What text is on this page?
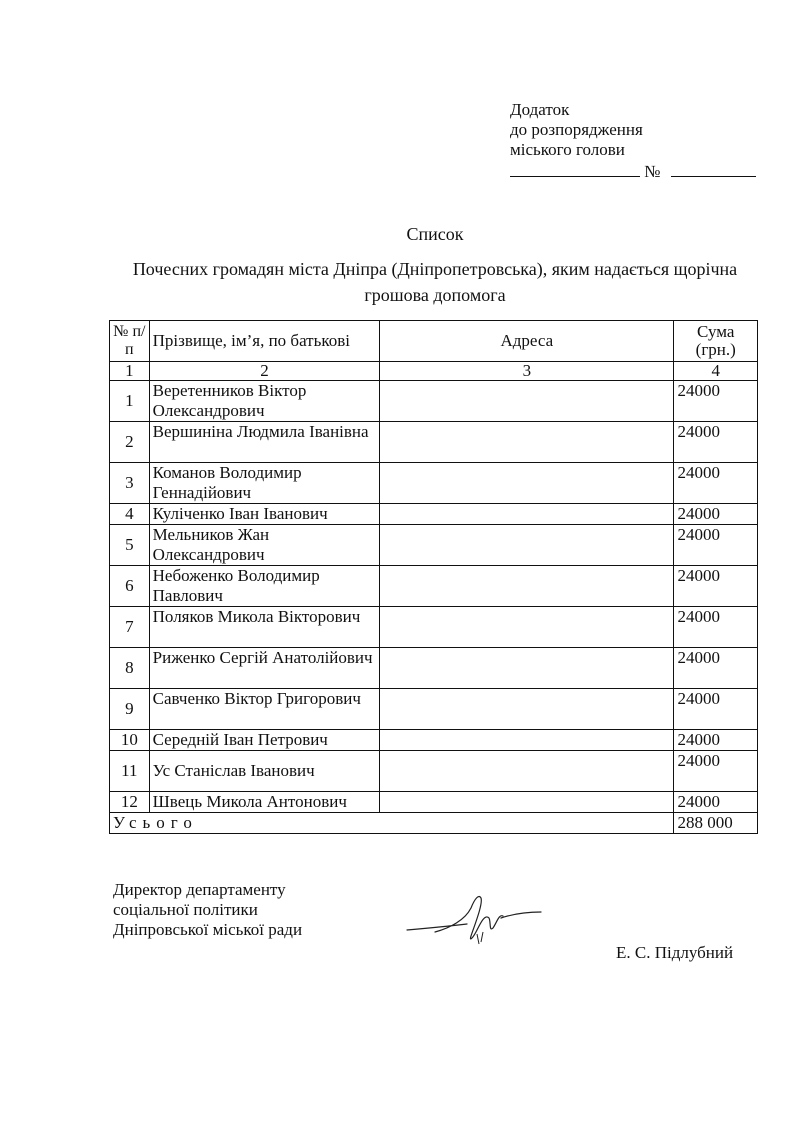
Додаток
до розпорядження
міського голови
№
Список
Почесних громадян міста Дніпра (Дніпропетровська), яким надається щорічна грошова допомога
№ п/п	Прізвище, ім’я, по батькові	Адреса	Сума (грн.)
1	2	3	4
1	Веретенников Віктор Олександрович		24000
2	Вершиніна Людмила Іванівна		24000
3	Команов Володимир Геннадійович		24000
4	Куліченко Іван Іванович		24000
5	Мельников Жан Олександрович		24000
6	Небоженко Володимир Павлович		24000
7	Поляков Микола Вікторович		24000
8	Риженко Сергій Анатолійович		24000
9	Савченко Віктор Григорович		24000
10	Середній Іван Петрович		24000
11	Ус Станіслав Іванович		24000
12	Швець Микола Антонович		24000
Усього			288 000
Директор департаменту
соціальної політики
Дніпровської міської ради
Е. С. Підлубний
